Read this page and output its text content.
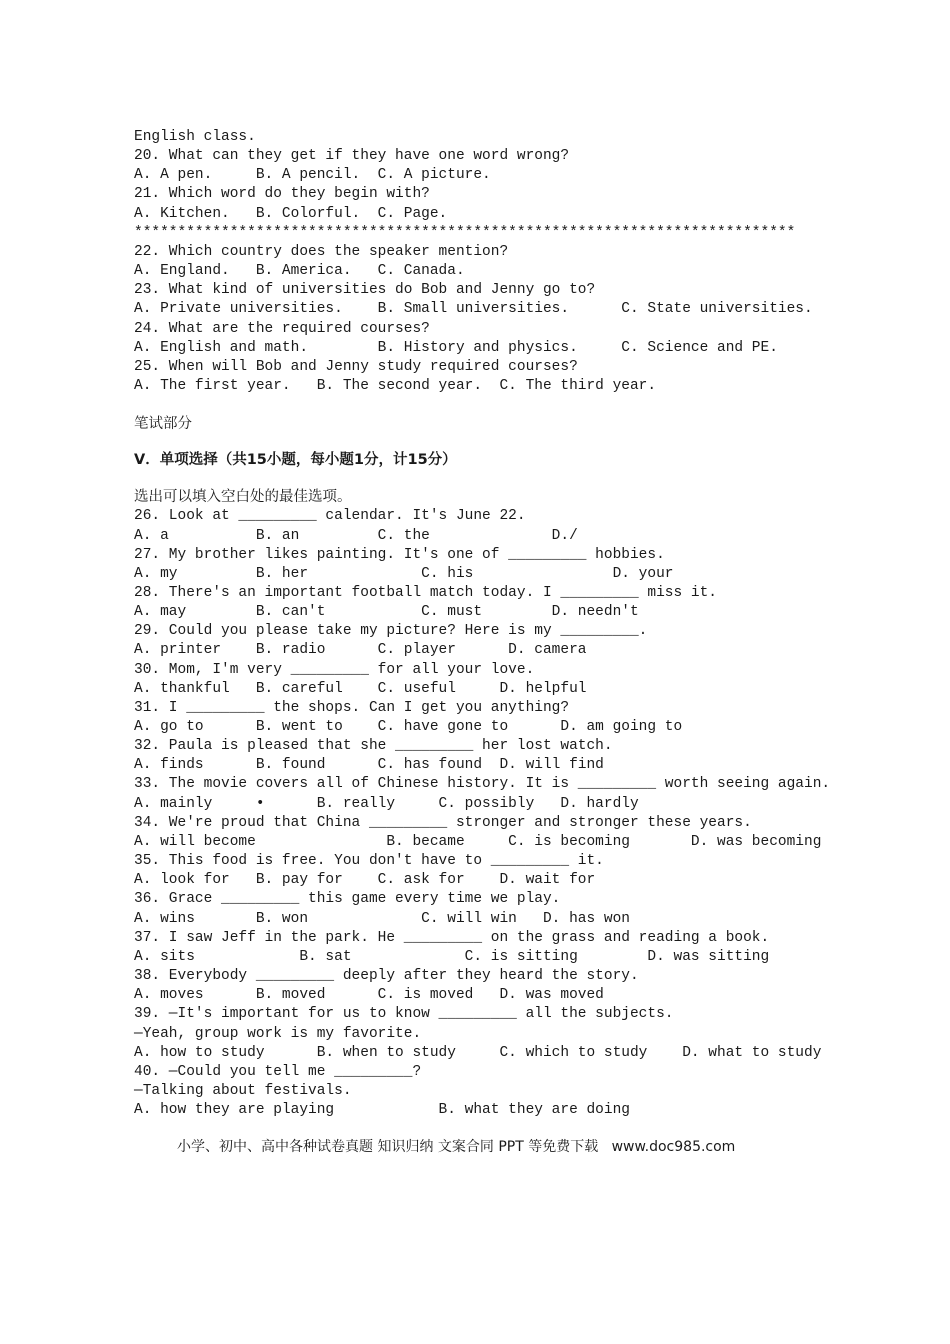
English class.
20. What can they get if they have one word wrong?
A. A pen.     B. A pencil.  C. A picture.
21. Which word do they begin with?
A. Kitchen.   B. Colorful.  C. Page.
****************************************************************************
22. Which country does the speaker mention?
A. England.   B. America.   C. Canada.
23. What kind of universities do Bob and Jenny go to?
A. Private universities.    B. Small universities.      C. State universities.
24. What are the required courses?
A. English and math.        B. History and physics.     C. Science and PE.
25. When will Bob and Jenny study required courses?
A. The first year.   B. The second year.  C. The third year.
笔试部分
V．单项选择（共15小题，每小题1分，计15分）
选出可以填入空白处的最佳选项。
26. Look at _________ calendar. It's June 22.
A. a          B. an         C. the              D./
27. My brother likes painting. It's one of _________ hobbies.
A. my         B. her             C. his                D. your
28. There's an important football match today. I _________ miss it.
A. may        B. can't           C. must        D. needn't
29. Could you please take my picture? Here is my _________.
A. printer    B. radio      C. player      D. camera
30. Mom, I'm very _________ for all your love.
A. thankful   B. careful    C. useful     D. helpful
31. I _________ the shops. Can I get you anything?
A. go to      B. went to    C. have gone to      D. am going to
32. Paula is pleased that she _________ her lost watch.
A. finds      B. found      C. has found  D. will find
33. The movie covers all of Chinese history. It is _________ worth seeing again.
A. mainly     •      B. really     C. possibly   D. hardly
34. We're proud that China _________ stronger and stronger these years.
A. will become               B. became     C. is becoming       D. was becoming
35. This food is free. You don't have to _________ it.
A. look for   B. pay for    C. ask for    D. wait for
36. Grace _________ this game every time we play.
A. wins       B. won             C. will win   D. has won
37. I saw Jeff in the park. He _________ on the grass and reading a book.
A. sits            B. sat             C. is sitting        D. was sitting
38. Everybody _________ deeply after they heard the story.
A. moves      B. moved      C. is moved   D. was moved
39. —It's important for us to know _________ all the subjects.
—Yeah, group work is my favorite.
A. how to study      B. when to study     C. which to study    D. what to study
40. —Could you tell me _________?
—Talking about festivals.
A. how they are playing            B. what they are doing
小学、初中、高中各种试卷真题 知识归纳 文案合同 PPT 等免费下载   www.doc985.com
